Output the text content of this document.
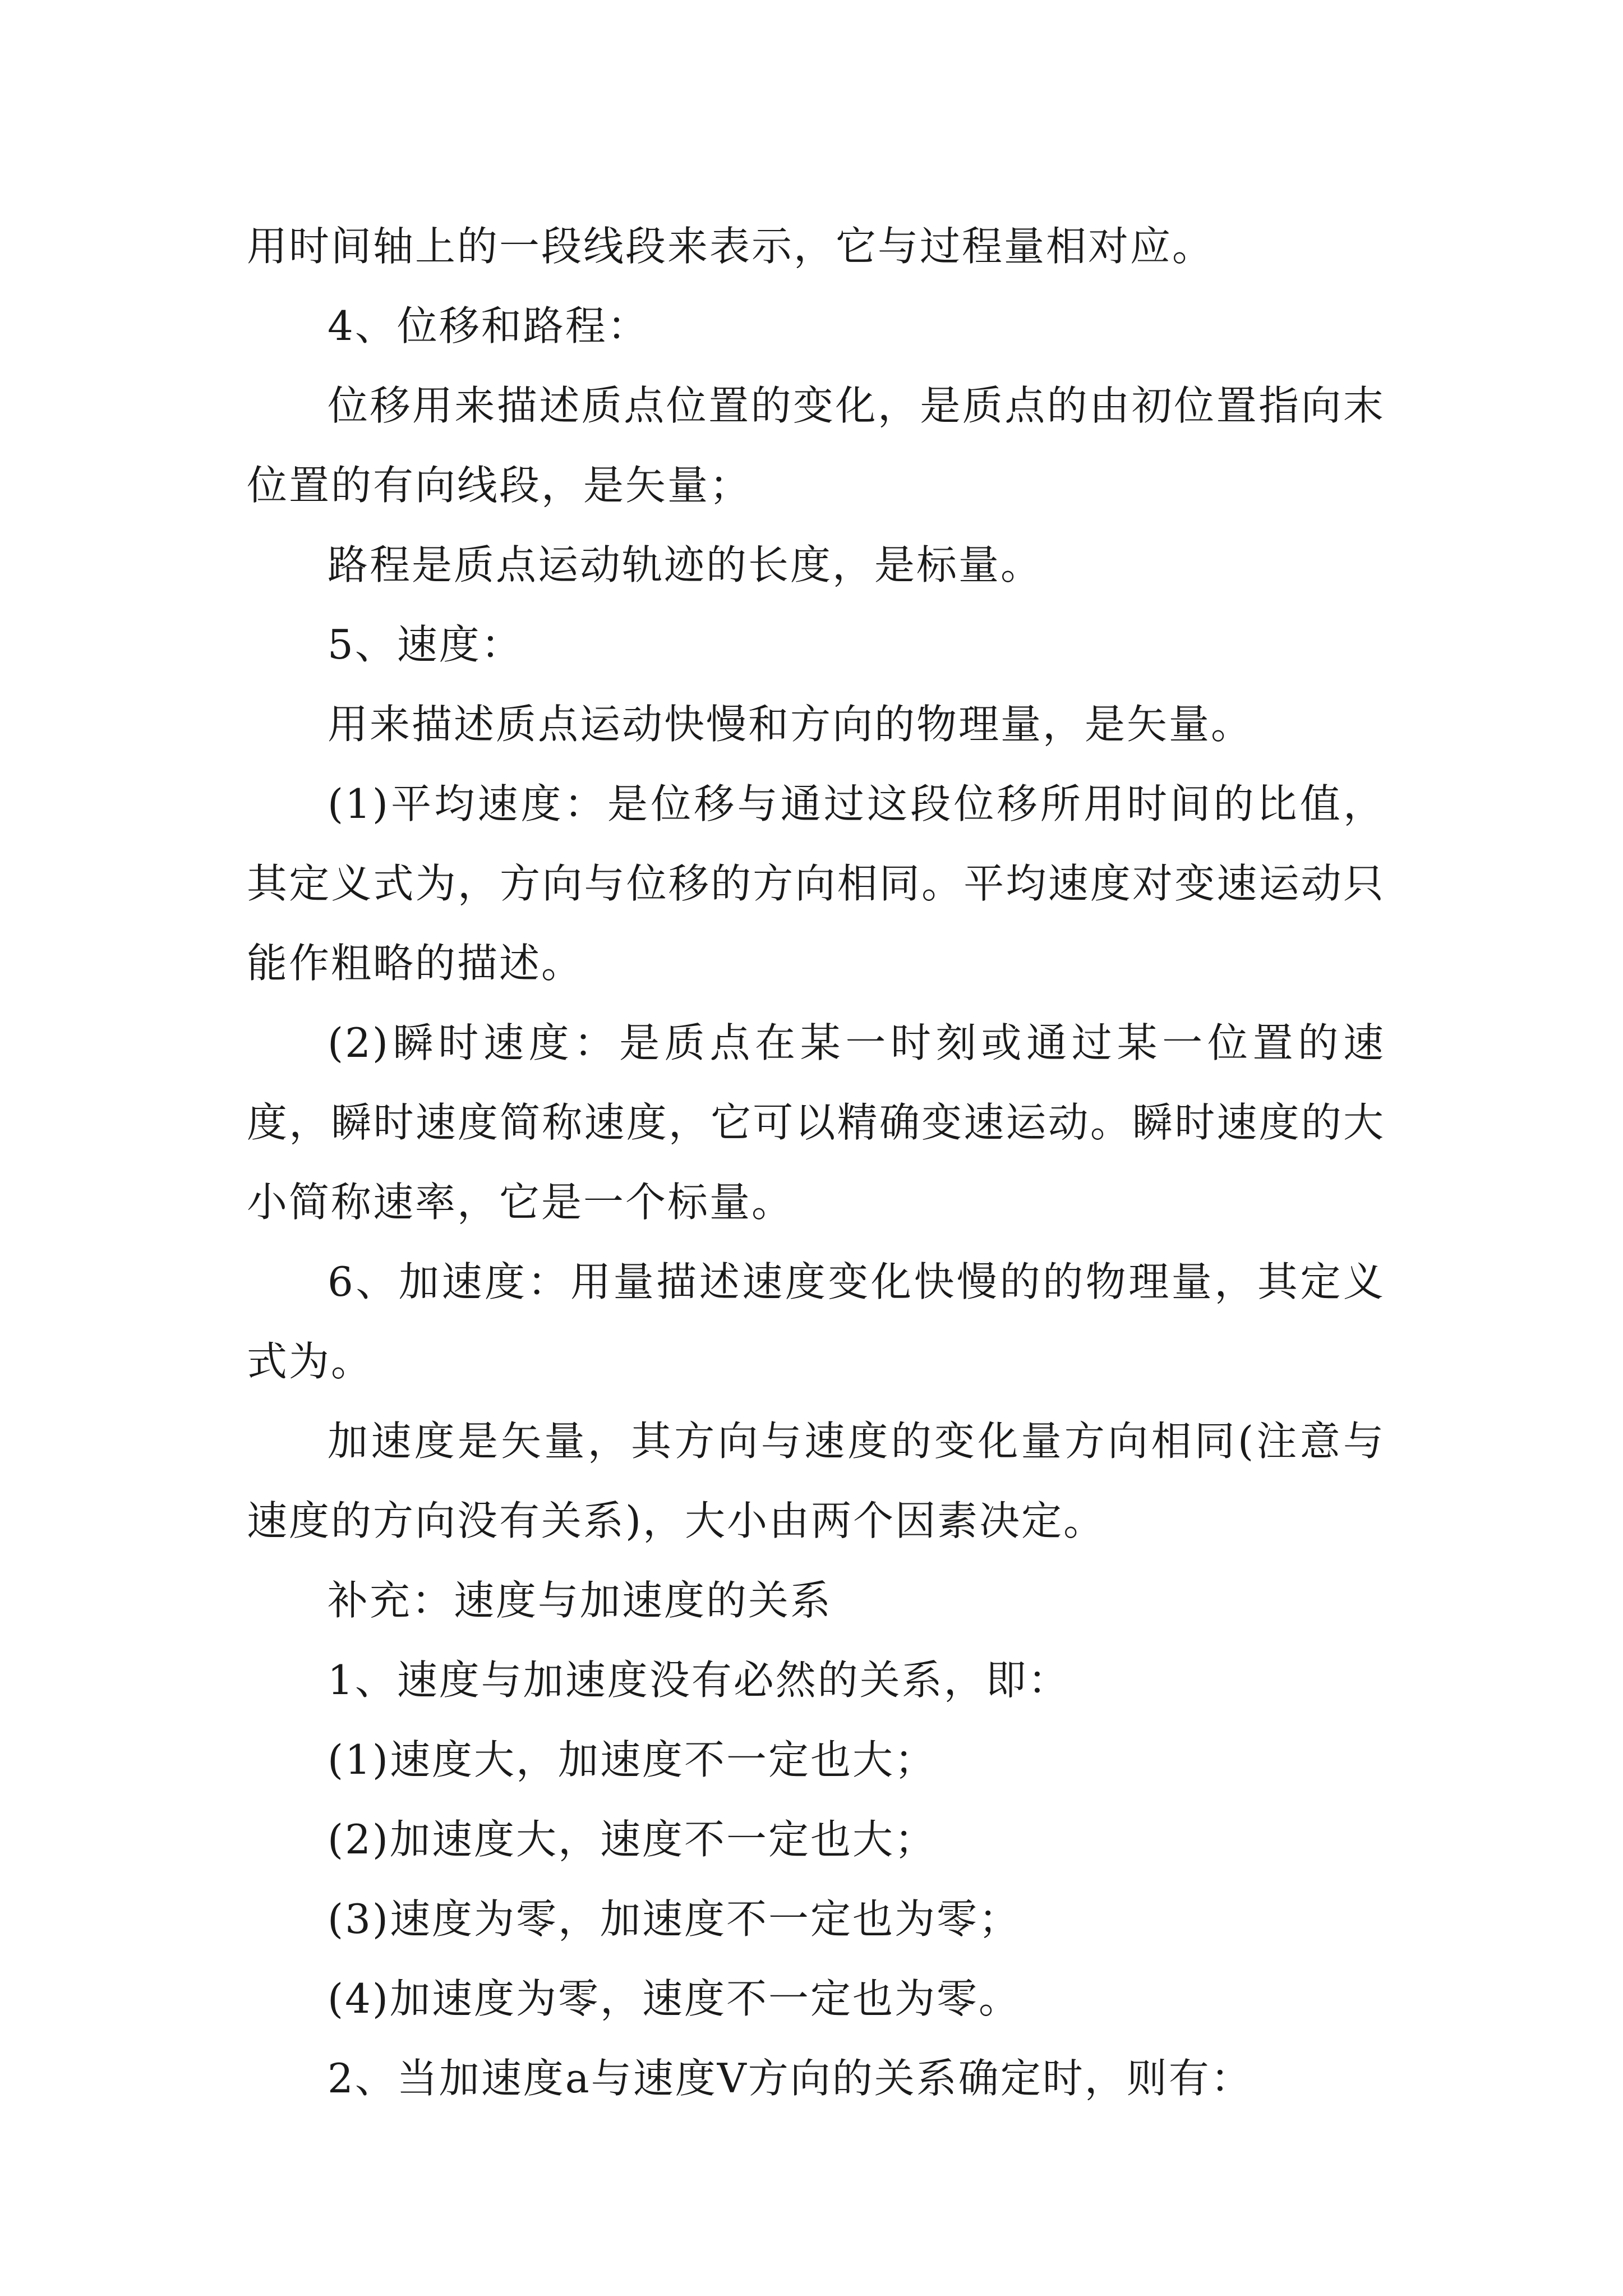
用时间轴上的一段线段来表示，它与过程量相对应。

4、位移和路程：

位移用来描述质点位置的变化，是质点的由初位置指向末位置的有向线段，是矢量；

路程是质点运动轨迹的长度，是标量。

5、速度：

用来描述质点运动快慢和方向的物理量，是矢量。

(1)平均速度：是位移与通过这段位移所用时间的比值，其定义式为，方向与位移的方向相同。平均速度对变速运动只能作粗略的描述。

(2)瞬时速度：是质点在某一时刻或通过某一位置的速度，瞬时速度简称速度，它可以精确变速运动。瞬时速度的大小简称速率，它是一个标量。

6、加速度：用量描述速度变化快慢的的物理量，其定义式为。

加速度是矢量，其方向与速度的变化量方向相同(注意与速度的方向没有关系)，大小由两个因素决定。

补充：速度与加速度的关系

1、速度与加速度没有必然的关系，即：

(1)速度大，加速度不一定也大；

(2)加速度大，速度不一定也大；

(3)速度为零，加速度不一定也为零；

(4)加速度为零，速度不一定也为零。

2、当加速度a与速度V方向的关系确定时，则有：
